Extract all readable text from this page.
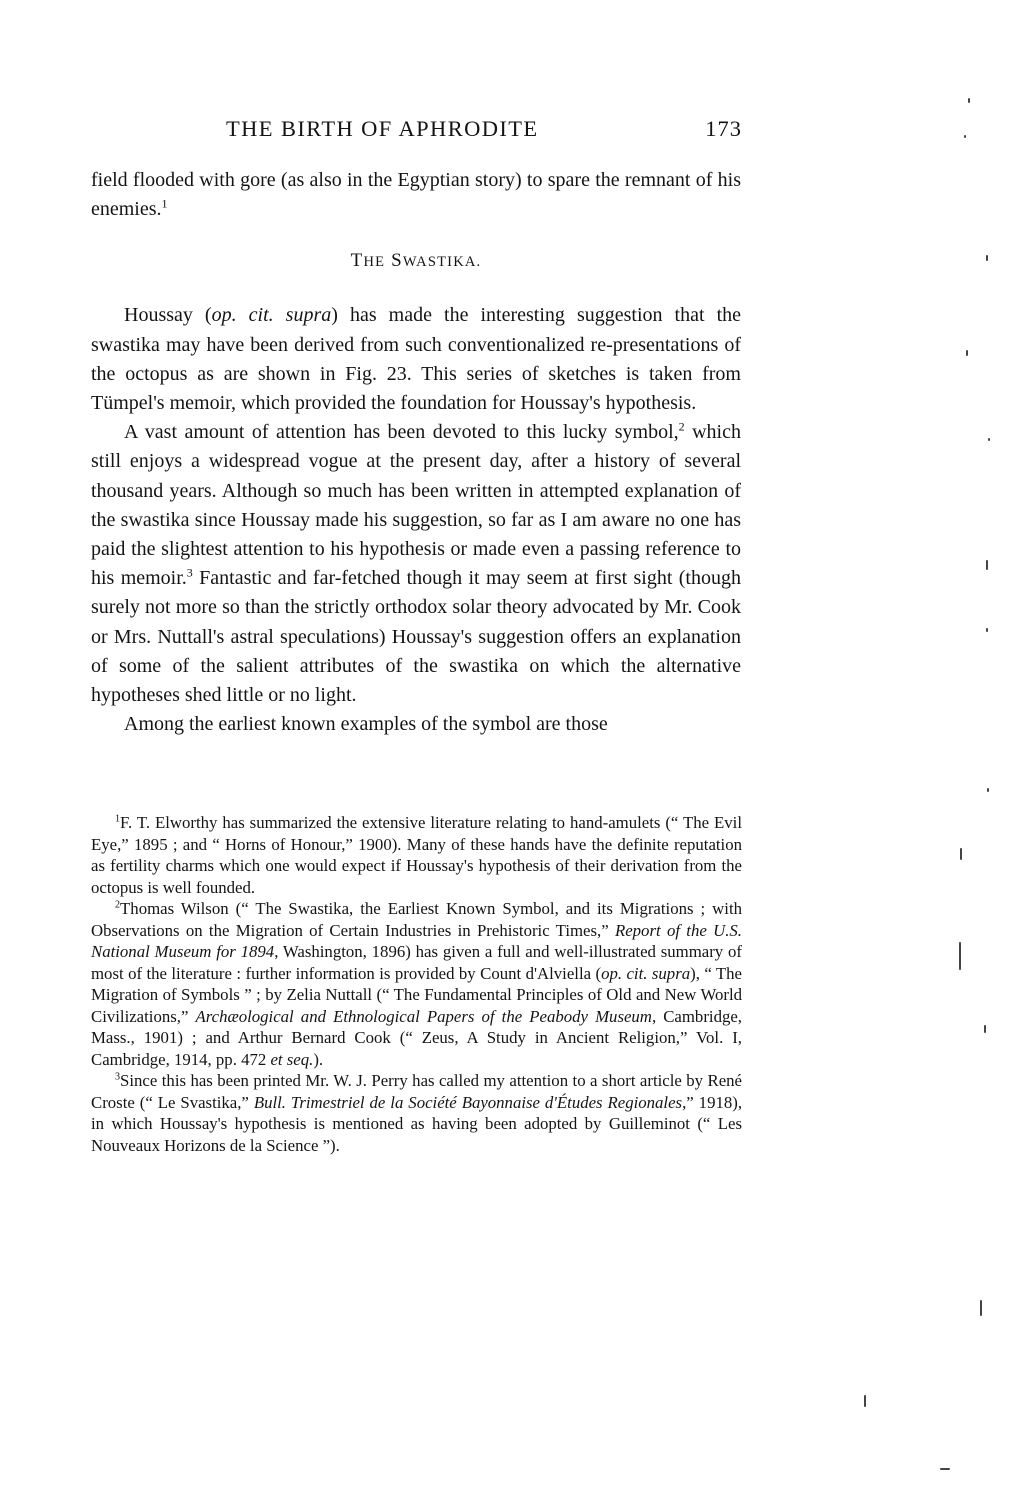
THE BIRTH OF APHRODITE	173

field flooded with gore (as also in the Egyptian story) to spare the remnant of his enemies.$^1$

THE SWASTIKA.

Houssay (op. cit. supra) has made the interesting suggestion that the swastika may have been derived from such conventionalized re-presentations of the octopus as are shown in Fig. 23. This series of sketches is taken from Tümpel's memoir, which provided the foundation for Houssay's hypothesis.

A vast amount of attention has been devoted to this lucky symbol,$^2$ which still enjoys a widespread vogue at the present day, after a history of several thousand years. Although so much has been written in attempted explanation of the swastika since Houssay made his suggestion, so far as I am aware no one has paid the slightest attention to his hypothesis or made even a passing reference to his memoir.$^3$ Fantastic and far-fetched though it may seem at first sight (though surely not more so than the strictly orthodox solar theory advocated by Mr. Cook or Mrs. Nuttall's astral speculations) Houssay's suggestion offers an explanation of some of the salient attributes of the swastika on which the alternative hypotheses shed little or no light.

Among the earliest known examples of the symbol are those

$^1$F. T. Elworthy has summarized the extensive literature relating to hand-amulets (“ The Evil Eye,” 1895 ; and “ Horns of Honour,” 1900). Many of these hands have the definite reputation as fertility charms which one would expect if Houssay's hypothesis of their derivation from the octopus is well founded.

$^2$Thomas Wilson (“ The Swastika, the Earliest Known Symbol, and its Migrations ; with Observations on the Migration of Certain Industries in Prehistoric Times,” Report of the U.S. National Museum for 1894, Washington, 1896) has given a full and well-illustrated summary of most of the literature : further information is provided by Count d'Alviella (op. cit. supra), “ The Migration of Symbols ” ; by Zelia Nuttall (“ The Fundamental Principles of Old and New World Civilizations,” Archæological and Ethnological Papers of the Peabody Museum, Cambridge, Mass., 1901) ; and Arthur Bernard Cook (“ Zeus, A Study in Ancient Religion,” Vol. I, Cambridge, 1914, pp. 472 et seq.).

$^3$Since this has been printed Mr. W. J. Perry has called my attention to a short article by René Croste (“ Le Svastika,” Bull. Trimestriel de la Société Bayonnaise d'Études Regionales,” 1918), in which Houssay's hypothesis is mentioned as having been adopted by Guilleminot (“ Les Nouveaux Horizons de la Science ”).
